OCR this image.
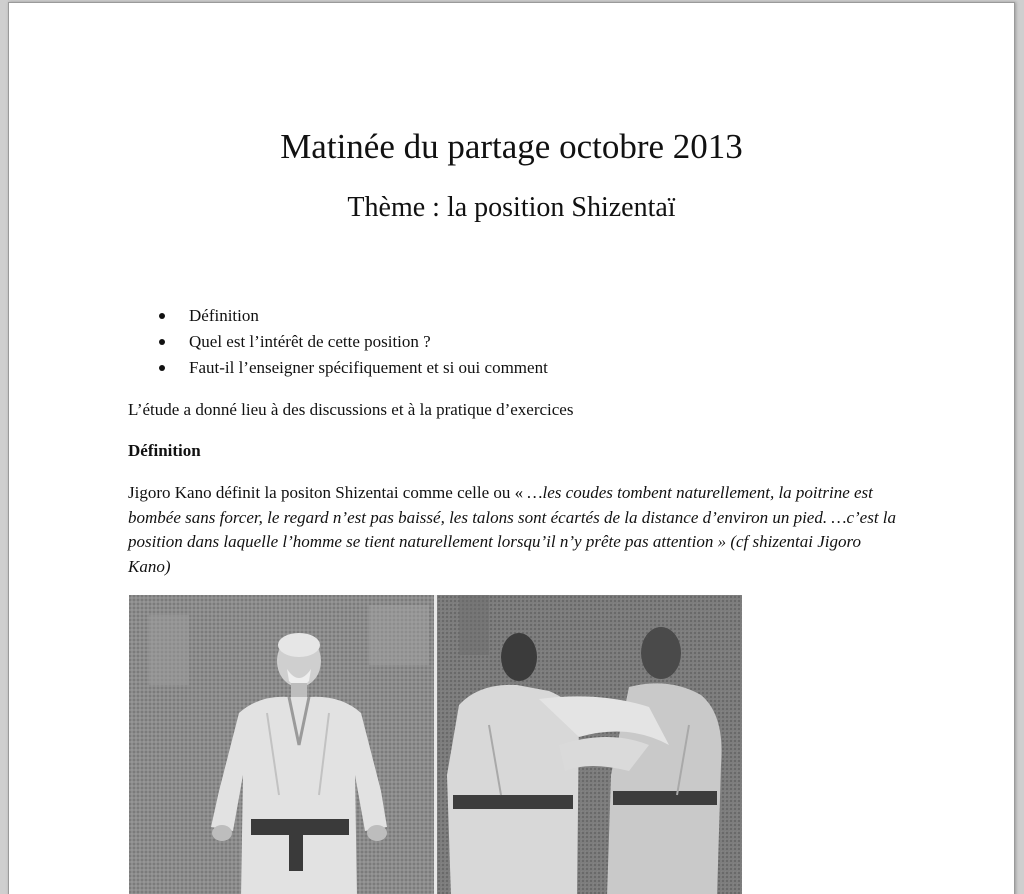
Matinée du partage octobre 2013
Thème : la position Shizentaï
Définition
Quel est l’intérêt de cette position ?
Faut-il l’enseigner spécifiquement et si oui comment

L’étude a donné lieu à des discussions et à la pratique d’exercices

Définition

Jigoro Kano définit la positon Shizentai comme celle ou « …les coudes tombent naturellement, la poitrine est bombée sans forcer, le regard n’est pas baissé, les talons sont écartés de la distance d’environ un pied. …c’est la position dans laquelle l’homme se tient naturellement lorsqu’il n’y prête pas attention » (cf shizentai Jigoro Kano)
